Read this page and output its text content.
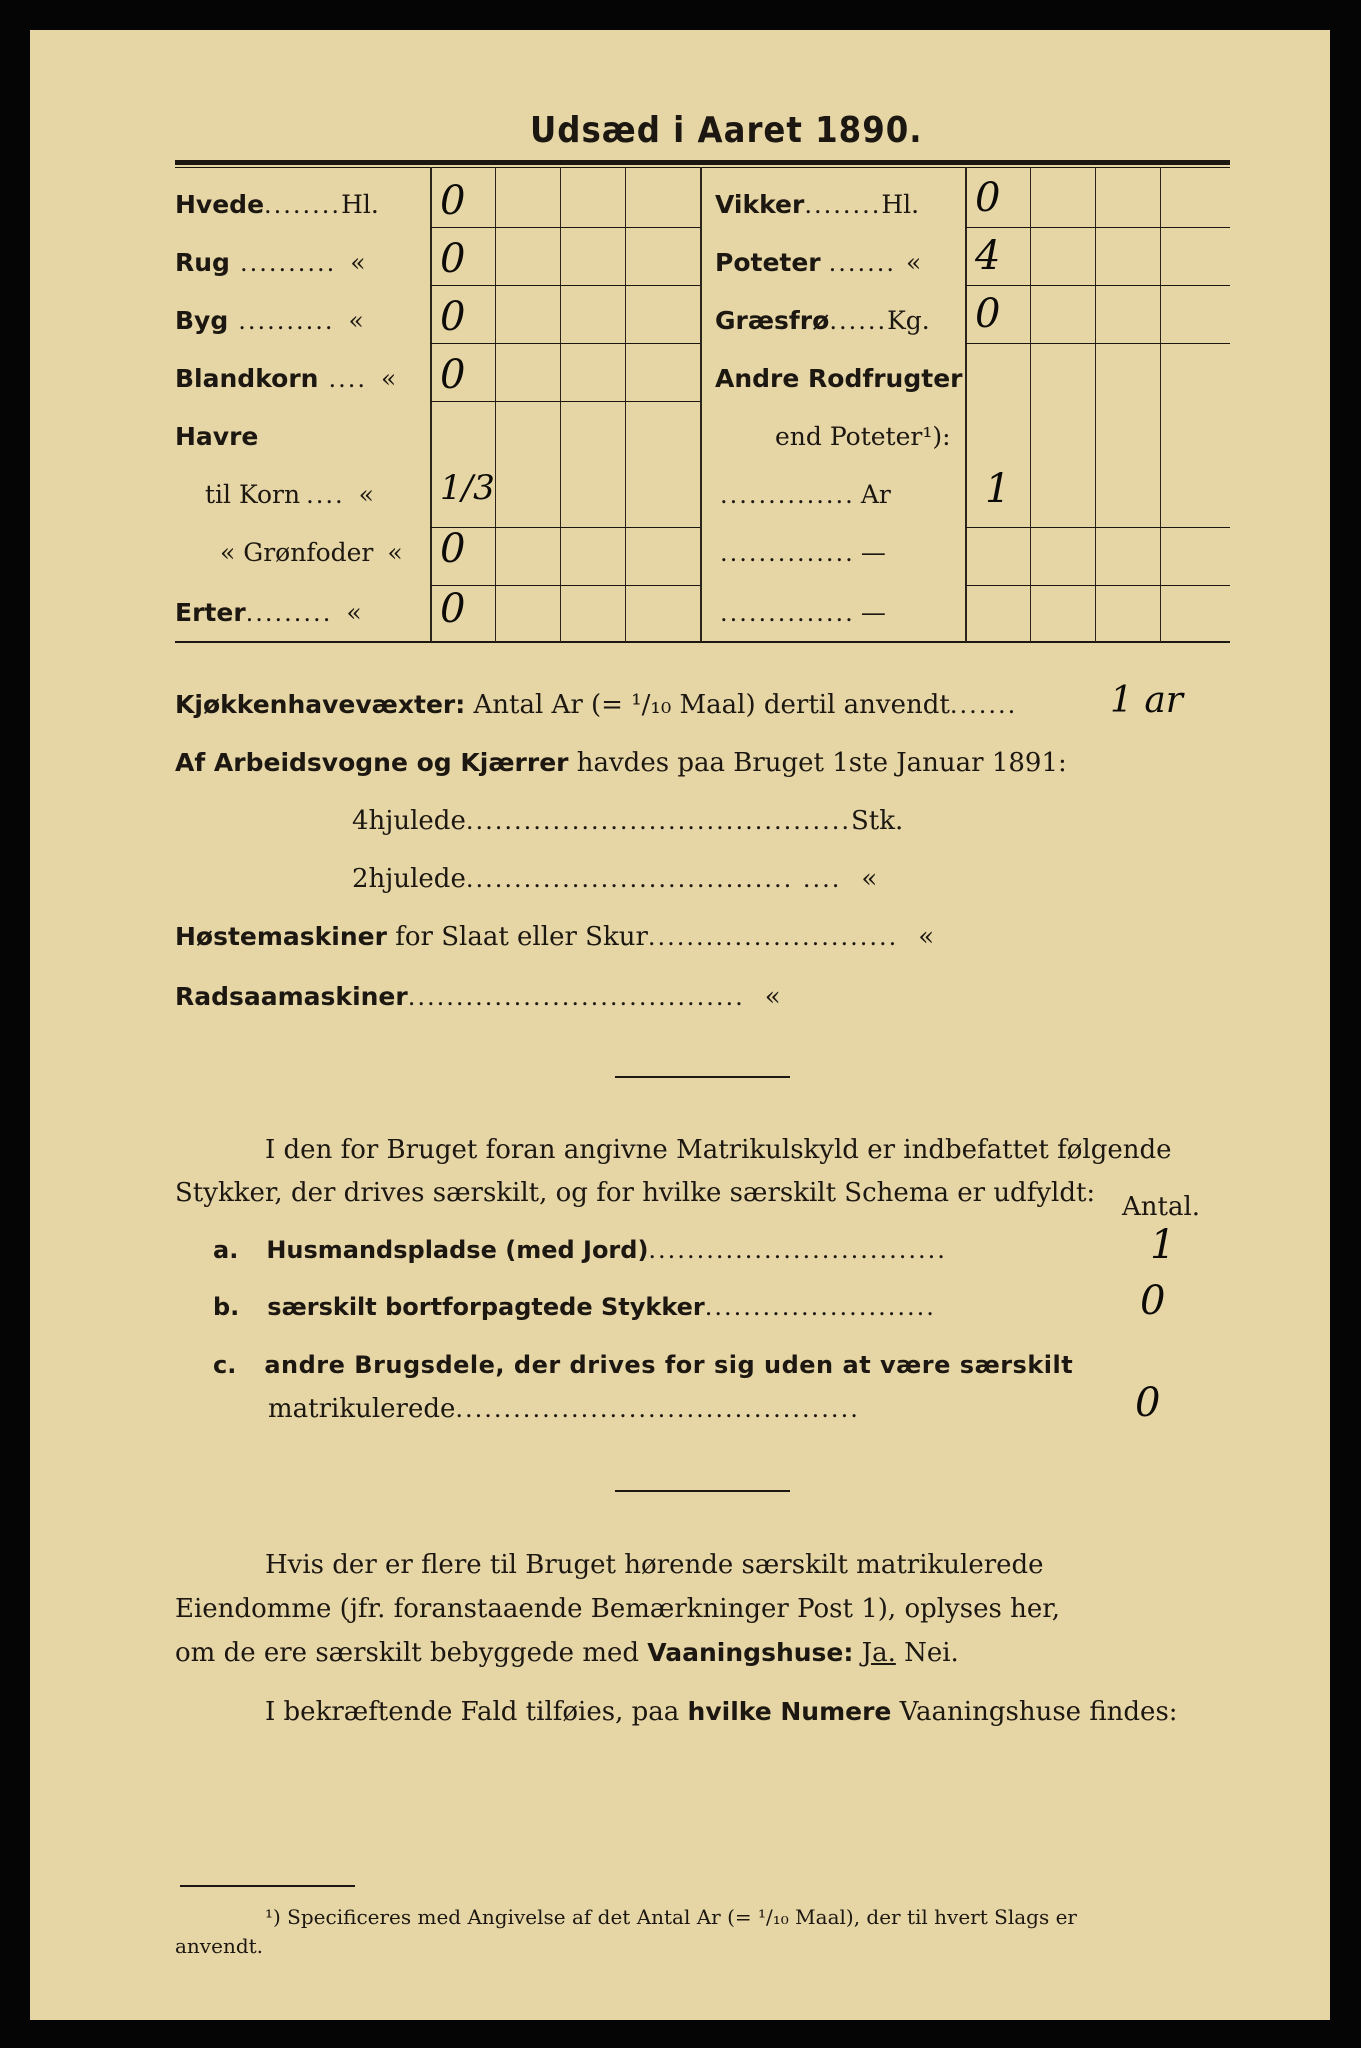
Udsæd i Aaret 1890.
Hvede........Hl. 0
Rug .......... « 0
Byg .......... « 0
Blandkorn .... « 0
Havre
til Korn .... « 1/3
« Grønfoder « 0
Erter......... « 0
Vikker........Hl. 0
Poteter ....... « 4
Græsfrø......Kg. 0
Andre Rodfrugter
end Poteter¹):
.............. Ar 1
.............. —
.............. —
Kjøkkenhavevæxter: Antal Ar (= ¹/₁₀ Maal) dertil anvendt.......	1 ar
Af Arbeidsvogne og Kjærrer havdes paa Bruget 1ste Januar 1891:
4hjulede........................................Stk.
2hjulede.................................. .... «
Høstemaskiner for Slaat eller Skur.......................... «
Radsaamaskiner................................... «
I den for Bruget foran angivne Matrikulskyld er indbefattet følgende
Stykker, der drives særskilt, og for hvilke særskilt Schema er udfyldt: Antal.
a. Husmandspladse (med Jord)...............................	1
b. særskilt bortforpagtede Stykker........................	0
c. andre Brugsdele, der drives for sig uden at være særskilt
matrikulerede..........................................	0
Hvis der er flere til Bruget hørende særskilt matrikulerede
Eiendomme (jfr. foranstaaende Bemærkninger Post 1), oplyses her,
om de ere særskilt bebyggede med Vaaningshuse: Ja. Nei.
I bekræftende Fald tilføies, paa hvilke Numere Vaaningshuse findes:
¹) Specificeres med Angivelse af det Antal Ar (= ¹/₁₀ Maal), der til hvert Slags er
anvendt.
